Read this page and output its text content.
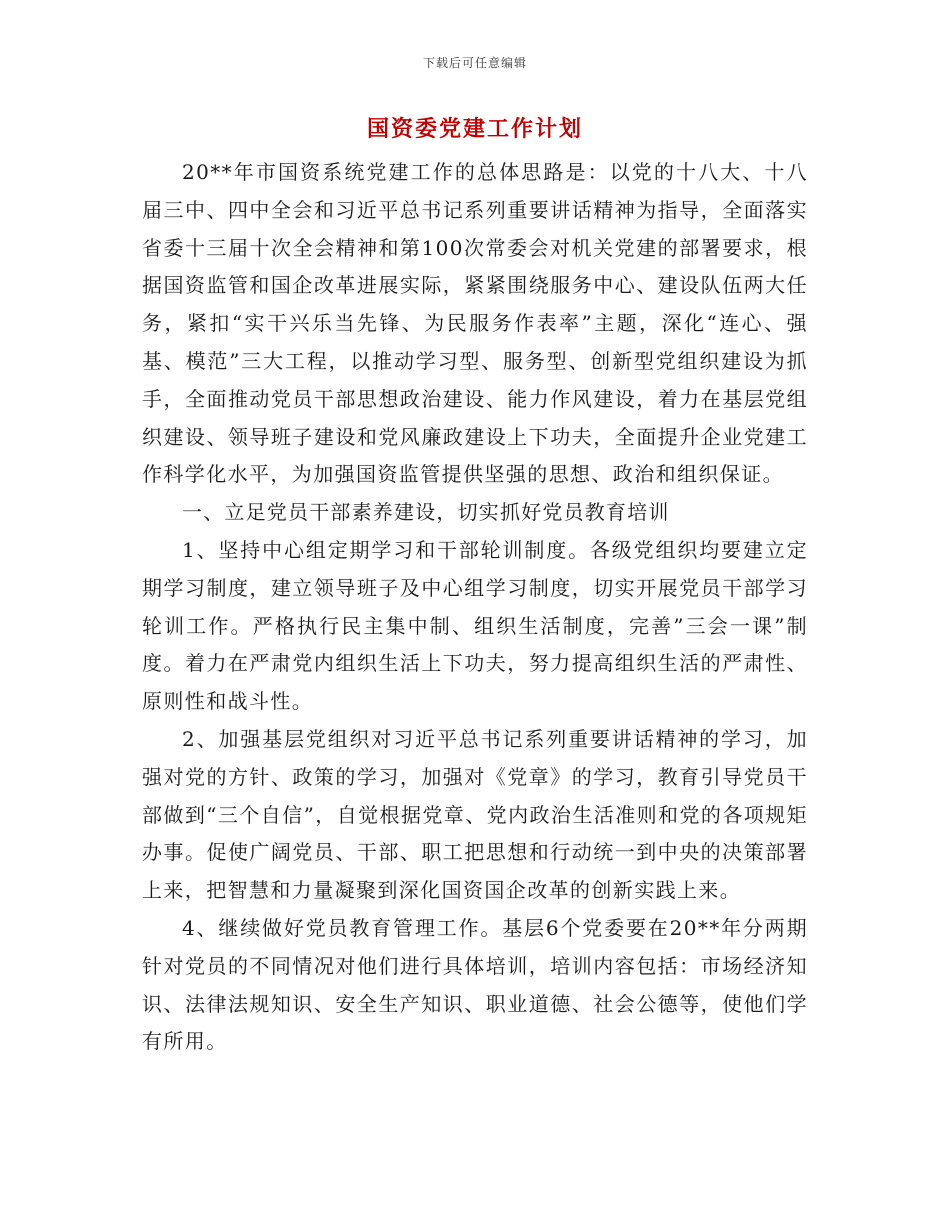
下载后可任意编辑
国资委党建工作计划

20**年市国资系统党建工作的总体思路是：以党的十八大、十八届三中、四中全会和习近平总书记系列重要讲话精神为指导，全面落实省委十三届十次全会精神和第100次常委会对机关党建的部署要求，根据国资监管和国企改革进展实际，紧紧围绕服务中心、建设队伍两大任务，紧扣“实干兴乐当先锋、为民服务作表率”主题，深化“连心、强基、模范”三大工程，以推动学习型、服务型、创新型党组织建设为抓手，全面推动党员干部思想政治建设、能力作风建设，着力在基层党组织建设、领导班子建设和党风廉政建设上下功夫，全面提升企业党建工作科学化水平，为加强国资监管提供坚强的思想、政治和组织保证。

一、立足党员干部素养建设，切实抓好党员教育培训

1、坚持中心组定期学习和干部轮训制度。各级党组织均要建立定期学习制度，建立领导班子及中心组学习制度，切实开展党员干部学习轮训工作。严格执行民主集中制、组织生活制度，完善”三会一课”制度。着力在严肃党内组织生活上下功夫，努力提高组织生活的严肃性、原则性和战斗性。

2、加强基层党组织对习近平总书记系列重要讲话精神的学习，加强对党的方针、政策的学习，加强对《党章》的学习，教育引导党员干部做到“三个自信”，自觉根据党章、党内政治生活准则和党的各项规矩办事。促使广阔党员、干部、职工把思想和行动统一到中央的决策部署上来，把智慧和力量凝聚到深化国资国企改革的创新实践上来。

4、继续做好党员教育管理工作。基层6个党委要在20**年分两期针对党员的不同情况对他们进行具体培训，培训内容包括：市场经济知识、法律法规知识、安全生产知识、职业道德、社会公德等，使他们学有所用。
